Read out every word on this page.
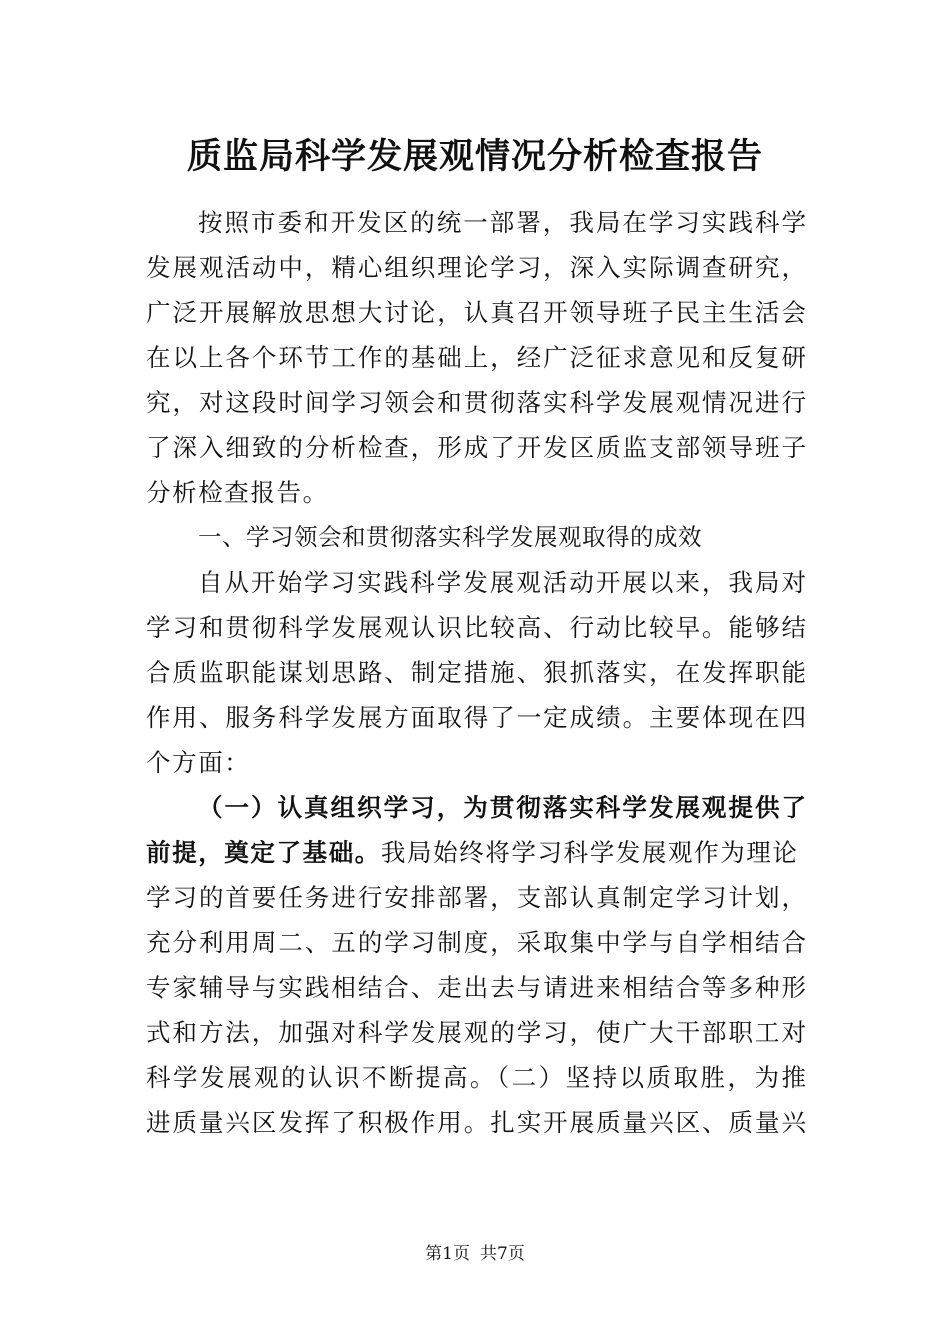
质监局科学发展观情况分析检查报告
按照市委和开发区的统一部署，我局在学习实践科学
发展观活动中，精心组织理论学习，深入实际调查研究，
广泛开展解放思想大讨论，认真召开领导班子民主生活会
在以上各个环节工作的基础上，经广泛征求意见和反复研
究，对这段时间学习领会和贯彻落实科学发展观情况进行
了深入细致的分析检查，形成了开发区质监支部领导班子
分析检查报告。
一、学习领会和贯彻落实科学发展观取得的成效
自从开始学习实践科学发展观活动开展以来，我局对
学习和贯彻科学发展观认识比较高、行动比较早。能够结
合质监职能谋划思路、制定措施、狠抓落实，在发挥职能
作用、服务科学发展方面取得了一定成绩。主要体现在四
个方面：
（一）认真组织学习，为贯彻落实科学发展观提供了
前提，奠定了基础。我局始终将学习科学发展观作为理论
学习的首要任务进行安排部署，支部认真制定学习计划，
充分利用周二、五的学习制度，采取集中学与自学相结合
专家辅导与实践相结合、走出去与请进来相结合等多种形
式和方法，加强对科学发展观的学习，使广大干部职工对
科学发展观的认识不断提高。（二）坚持以质取胜，为推
进质量兴区发挥了积极作用。扎实开展质量兴区、质量兴
第1页 共7页
